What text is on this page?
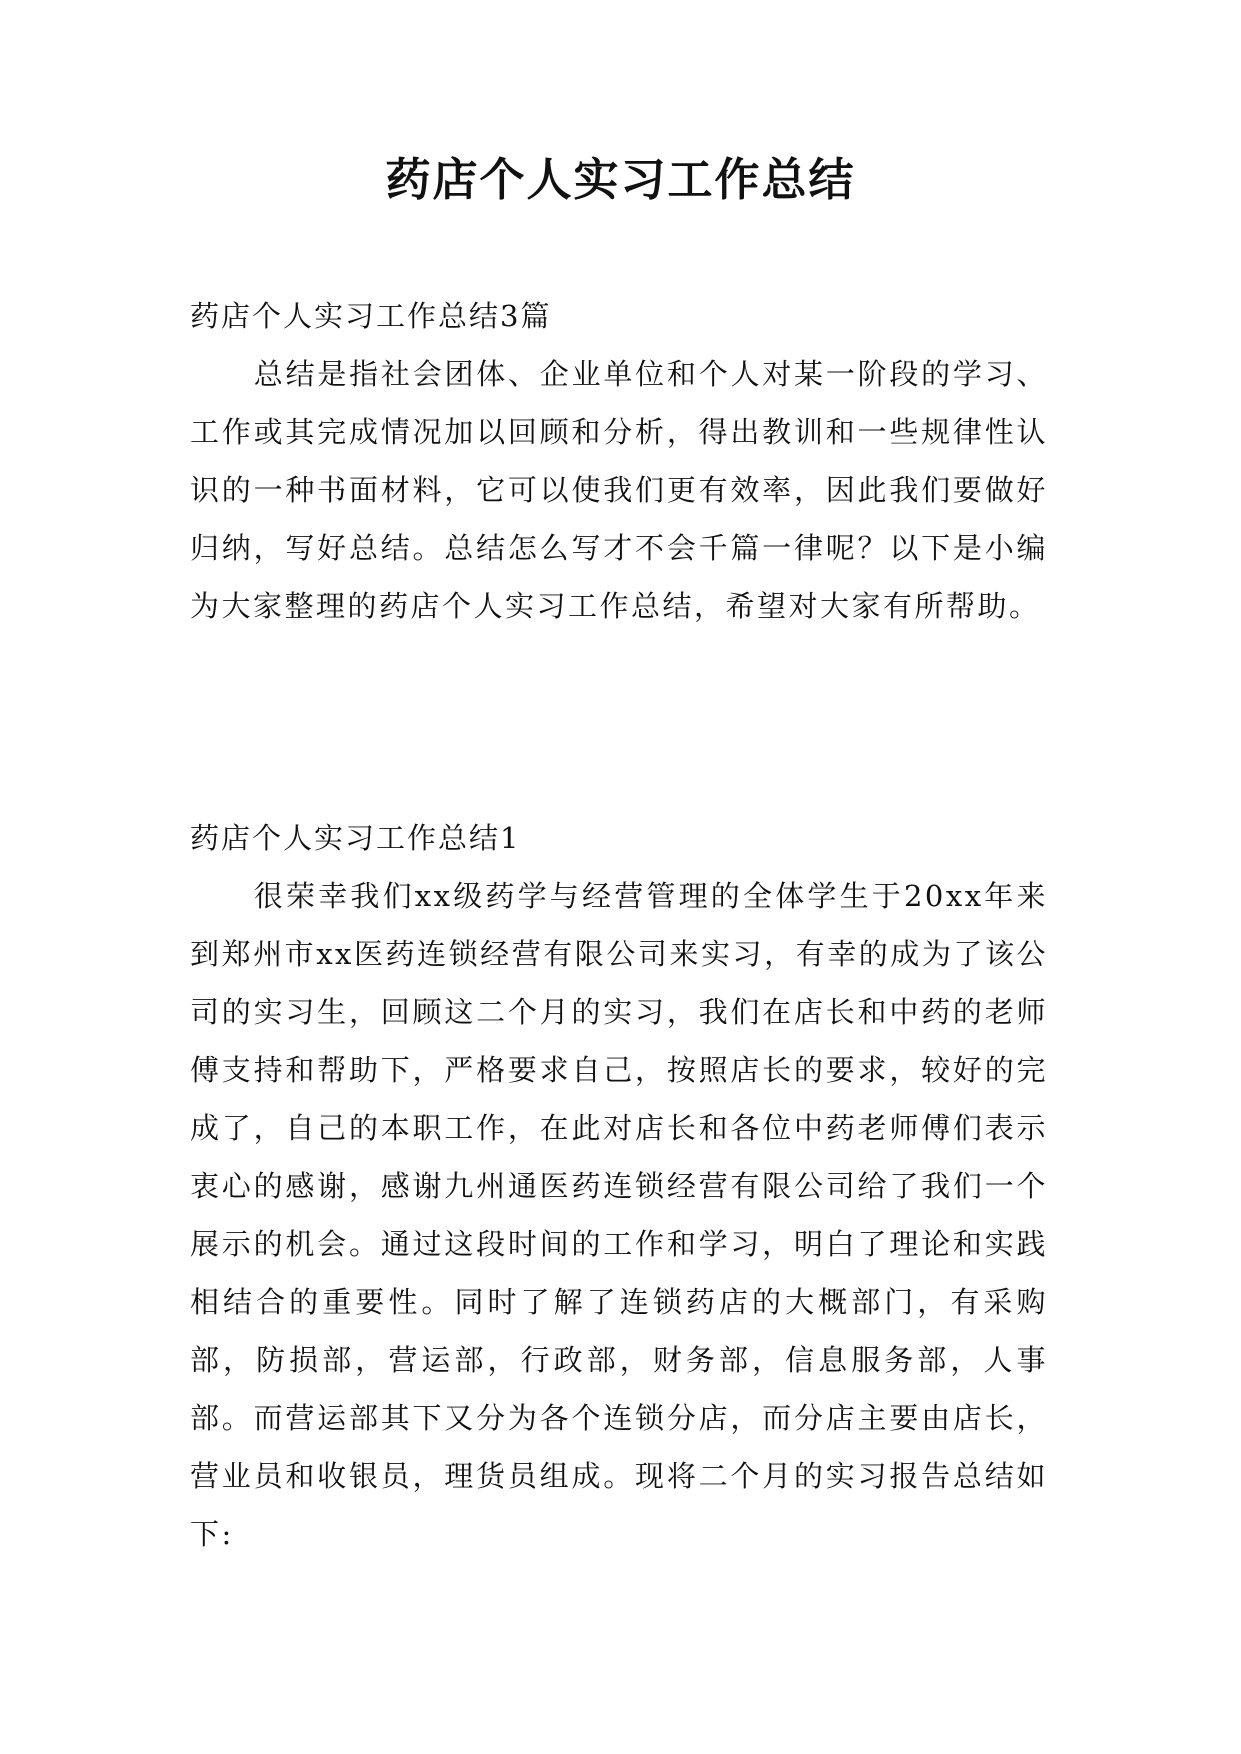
药店个人实习工作总结

药店个人实习工作总结3篇

总结是指社会团体、企业单位和个人对某一阶段的学习、工作或其完成情况加以回顾和分析，得出教训和一些规律性认识的一种书面材料，它可以使我们更有效率，因此我们要做好归纳，写好总结。总结怎么写才不会千篇一律呢？以下是小编为大家整理的药店个人实习工作总结，希望对大家有所帮助。

药店个人实习工作总结1

很荣幸我们xx级药学与经营管理的全体学生于20xx年来到郑州市xx医药连锁经营有限公司来实习，有幸的成为了该公司的实习生，回顾这二个月的实习，我们在店长和中药的老师傅支持和帮助下，严格要求自己，按照店长的要求，较好的完成了，自己的本职工作，在此对店长和各位中药老师傅们表示衷心的感谢，感谢九州通医药连锁经营有限公司给了我们一个展示的机会。通过这段时间的工作和学习，明白了理论和实践相结合的重要性。同时了解了连锁药店的大概部门，有采购部，防损部，营运部，行政部，财务部，信息服务部，人事部。而营运部其下又分为各个连锁分店，而分店主要由店长，营业员和收银员，理货员组成。现将二个月的实习报告总结如下:
